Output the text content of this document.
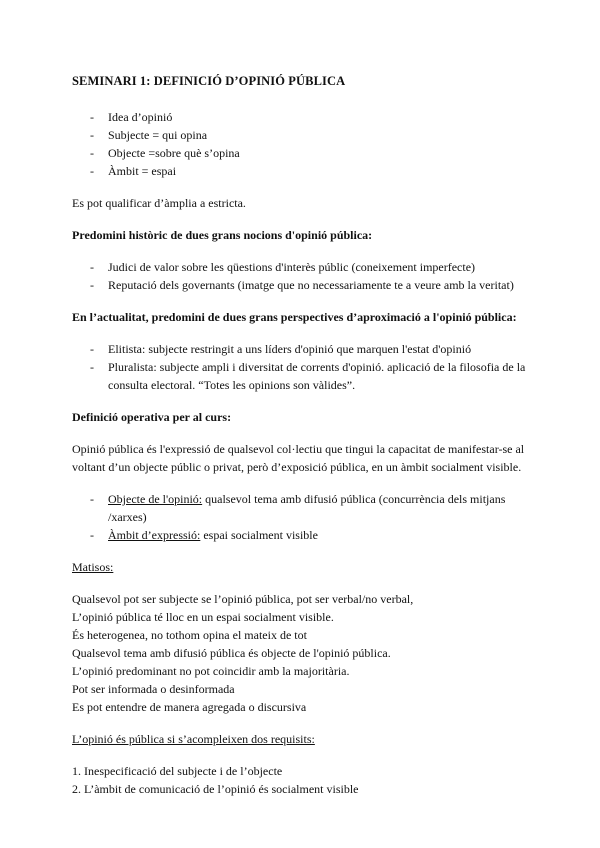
SEMINARI 1: DEFINICIÓ D’OPINIÓ PÚBLICA
- Idea d’opinió
- Subjecte = qui opina
- Objecte =sobre què s’opina
- Àmbit = espai
Es pot qualificar d’àmplia a estricta.
Predomini històric de dues grans nocions d'opinió pública:
- Judici de valor sobre les qüestions d'interès públic (coneixement imperfecte)
- Reputació dels governants (imatge que no necessariamente te a veure amb la veritat)
En l’actualitat, predomini de dues grans perspectives d’aproximació a l'opinió pública:
- Elitista: subjecte restringit a uns líders d'opinió que marquen l'estat d'opinió
- Pluralista: subjecte ampli i diversitat de corrents d'opinió. aplicació de la filosofia de la consulta electoral. “Totes les opinions son vàlides”.
Definició operativa per al curs:
Opinió pública és l'expressió de qualsevol col·lectiu que tingui la capacitat de manifestar-se al voltant d’un objecte públic o privat, però d’exposició pública, en un àmbit socialment visible.
- Objecte de l'opinió: qualsevol tema amb difusió pública (concurrència dels mitjans /xarxes)
- Àmbit d’expressió: espai socialment visible
Matisos:
Qualsevol pot ser subjecte se l’opinió pública, pot ser verbal/no verbal,
L’opinió pública té lloc en un espai socialment visible.
És heterogenea, no tothom opina el mateix de tot
Qualsevol tema amb difusió pública és objecte de l'opinió pública.
L’opinió predominant no pot coincidir amb la majoritària.
Pot ser informada o desinformada
Es pot entendre de manera agregada o discursiva
L’opinió és pública si s’acompleixen dos requisits:
1. Inespecificació del subjecte i de l’objecte
2. L’àmbit de comunicació de l’opinió és socialment visible
